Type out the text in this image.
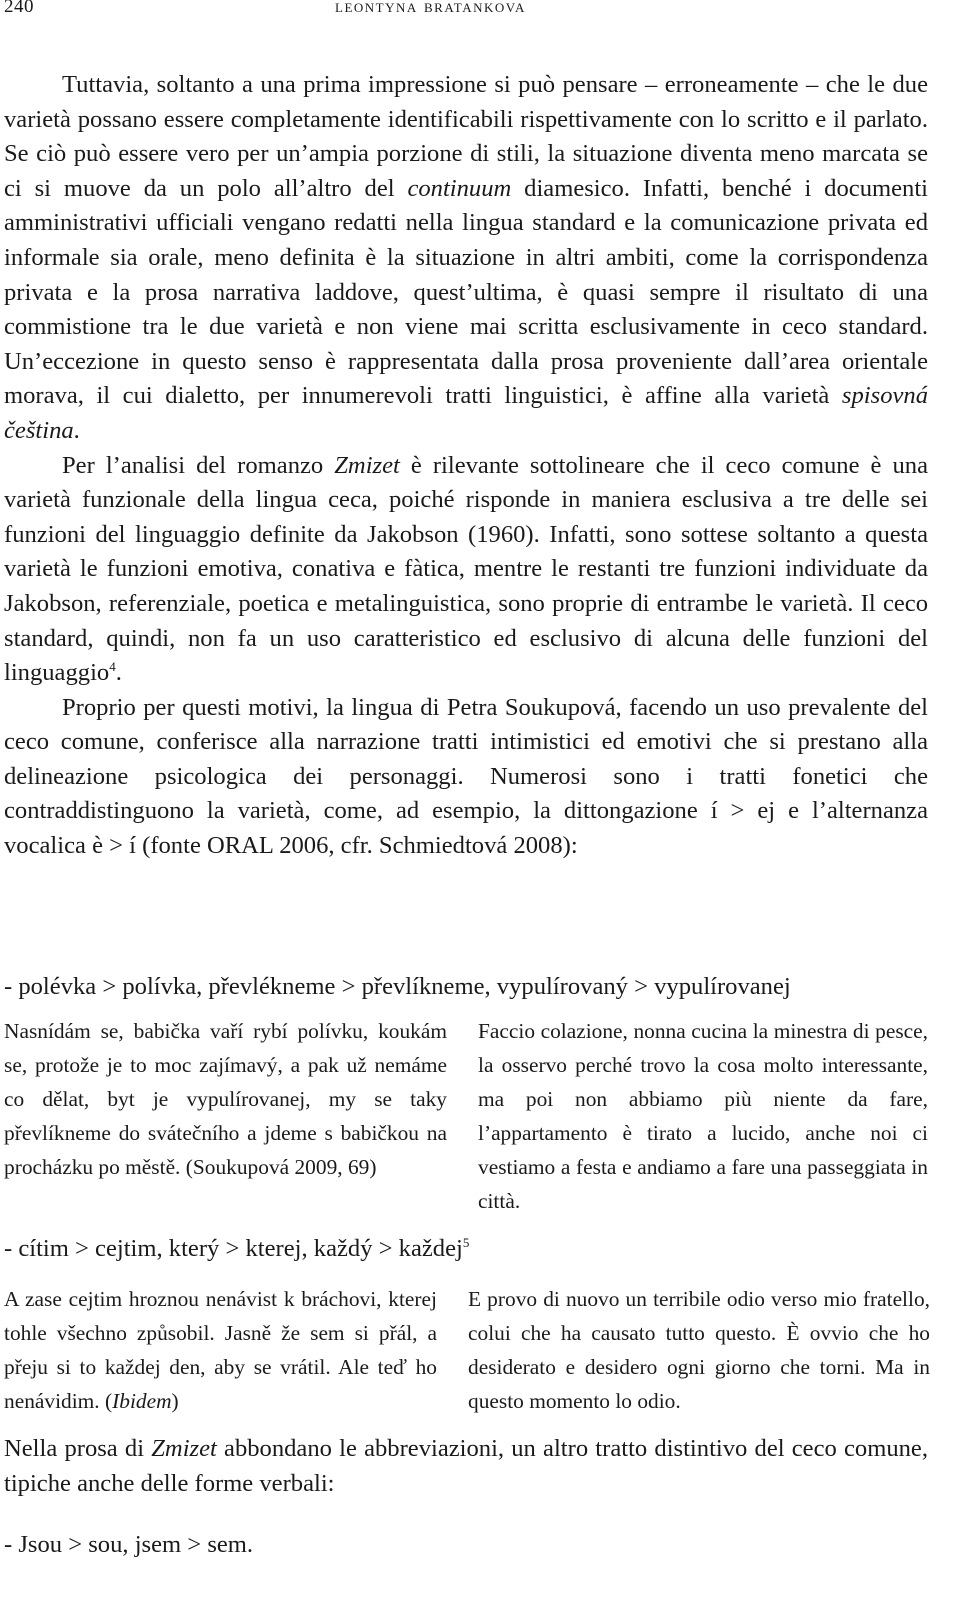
240	leontyna bratankova

Tuttavia, soltanto a una prima impressione si può pensare – erroneamente – che le due varietà possano essere completamente identificabili rispettivamente con lo scritto e il parlato. Se ciò può essere vero per un’ampia porzione di stili, la situazione diventa meno marcata se ci si muove da un polo all’altro del continuum diamesico. Infatti, benché i documenti amministrativi ufficiali vengano redatti nella lingua standard e la comunicazione privata ed informale sia orale, meno definita è la situazione in altri ambiti, come la corrispondenza privata e la prosa narrativa laddove, quest’ultima, è quasi sempre il risultato di una commistione tra le due varietà e non viene mai scritta esclusivamente in ceco standard. Un’eccezione in questo senso è rappresentata dalla prosa proveniente dall’area orientale morava, il cui dialetto, per innumerevoli tratti linguistici, è affine alla varietà spisovná čeština.

Per l’analisi del romanzo Zmizet è rilevante sottolineare che il ceco comune è una varietà funzionale della lingua ceca, poiché risponde in maniera esclusiva a tre delle sei funzioni del linguaggio definite da Jakobson (1960). Infatti, sono sottese soltanto a questa varietà le funzioni emotiva, conativa e fàtica, mentre le restanti tre funzioni individuate da Jakobson, referenziale, poetica e metalinguistica, sono proprie di entrambe le varietà. Il ceco standard, quindi, non fa un uso caratteristico ed esclusivo di alcuna delle funzioni del linguaggio$^4$.

Proprio per questi motivi, la lingua di Petra Soukupová, facendo un uso prevalente del ceco comune, conferisce alla narrazione tratti intimistici ed emotivi che si prestano alla delineazione psicologica dei personaggi. Numerosi sono i tratti fonetici che contraddistinguono la varietà, come, ad esempio, la dittongazione í > ej e l’alternanza vocalica è > í (fonte ORAL 2006, cfr. Schmiedtová 2008):

- polévka > polívka, převlékneme > převlíkneme, vypulírovaný > vypulírovanej
Nasnídám se, babička vaří rybí polívku, koukám se, protože je to moc zajímavý, a pak už nemáme co dělat, byt je vypulírovanej, my se taky převlíkneme do svátečního a jdeme s babičkou na procházku po městě. (Soukupová 2009, 69)
Faccio colazione, nonna cucina la minestra di pesce, la osservo perché trovo la cosa molto interessante, ma poi non abbiamo più niente da fare, l’appartamento è tirato a lucido, anche noi ci vestiamo a festa e andiamo a fare una passeggiata in città.
- cítim > cejtim, který > kterej, každý > každej$^5$
A zase cejtim hroznou nenávist k bráchovi, kterej tohle všechno způsobil. Jasně že sem si přál, a přeju si to každej den, aby se vrátil. Ale teď ho nenávidim. (Ibidem)
E provo di nuovo un terribile odio verso mio fratello, colui che ha causato tutto questo. È ovvio che ho desiderato e desidero ogni giorno che torni. Ma in questo momento lo odio.

Nella prosa di Zmizet abbondano le abbreviazioni, un altro tratto distintivo del ceco comune, tipiche anche delle forme verbali:

- Jsou > sou, jsem > sem.
